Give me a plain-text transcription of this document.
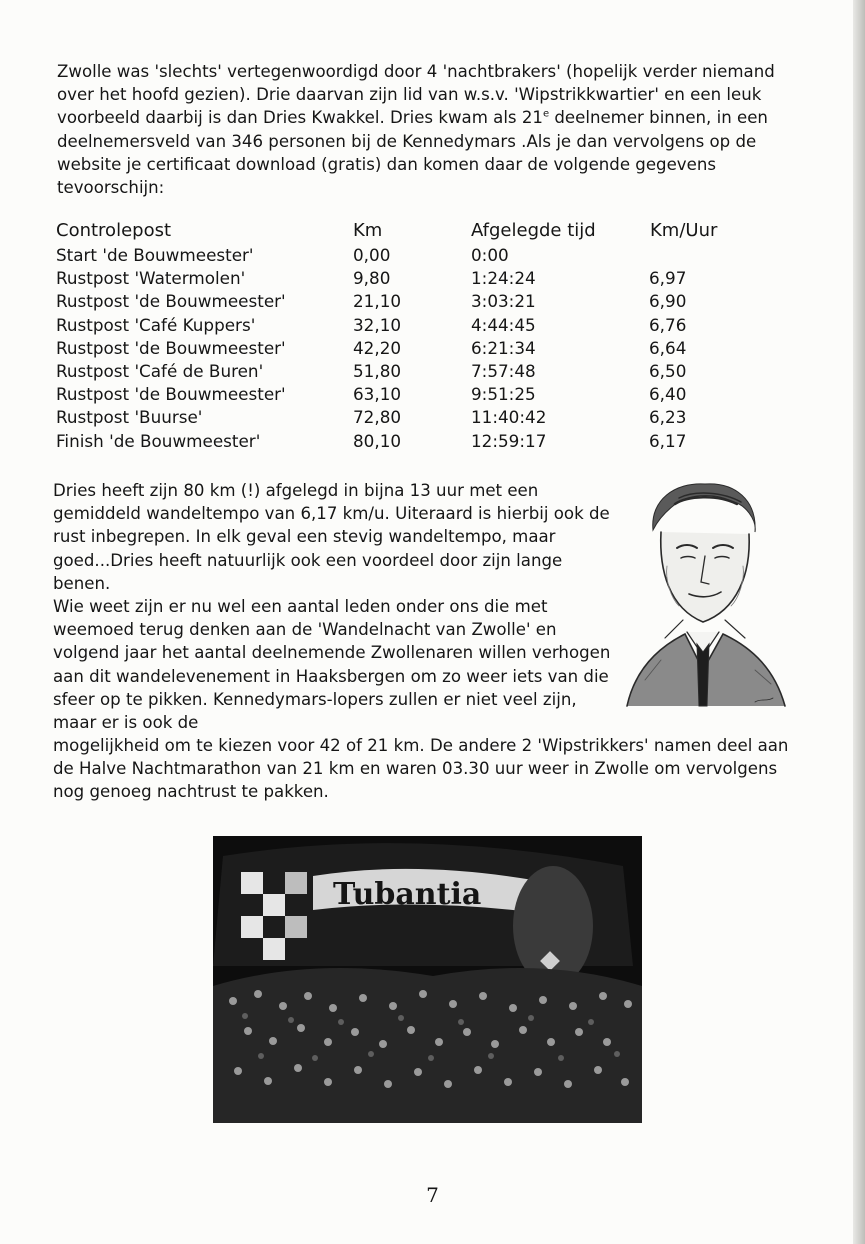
Zwolle was 'slechts' vertegenwoordigd door 4 'nachtbrakers' (hopelijk verder niemand over het hoofd gezien). Drie daarvan zijn lid van w.s.v. 'Wipstrikkwartier' en een leuk voorbeeld daarbij is dan Dries Kwakkel. Dries kwam als 21e deelnemer binnen, in een deelnemersveld van 346 personen bij de Kennedymars .Als je dan vervolgens op de website je certificaat download (gratis) dan komen daar de volgende gegevens tevoorschijn:

Controlepost	Km	Afgelegde tijd	Km/Uur
Start 'de Bouwmeester'	0,00	0:00
Rustpost 'Watermolen'	9,80	1:24:24	6,97
Rustpost 'de Bouwmeester'	21,10	3:03:21	6,90
Rustpost 'Café Kuppers'	32,10	4:44:45	6,76
Rustpost 'de Bouwmeester'	42,20	6:21:34	6,64
Rustpost 'Café de Buren'	51,80	7:57:48	6,50
Rustpost 'de Bouwmeester'	63,10	9:51:25	6,40
Rustpost 'Buurse'	72,80	11:40:42	6,23
Finish 'de Bouwmeester'	80,10	12:59:17	6,17

Dries heeft zijn 80 km (!) afgelegd in bijna 13 uur met een gemiddeld wandeltempo van 6,17 km/u. Uiteraard is hierbij ook de rust inbegrepen. In elk geval een stevig wandeltempo, maar goed...Dries heeft natuurlijk ook een voordeel door zijn lange benen.

Wie weet zijn er nu wel een aantal leden onder ons die met weemoed terug denken aan de 'Wandelnacht van Zwolle' en volgend jaar het aantal deelnemende Zwollenaren willen verhogen aan dit wandelevenement in Haaksbergen om zo weer iets van die sfeer op te pikken. Kennedymars-lopers zullen er niet veel zijn, maar er is ook de

mogelijkheid om te kiezen voor 42 of 21 km. De andere 2 'Wipstrikkers' namen deel aan de Halve Nachtmarathon van 21 km en waren 03.30 uur weer in Zwolle om vervolgens nog genoeg nachtrust te pakken.

Tubantia
7
